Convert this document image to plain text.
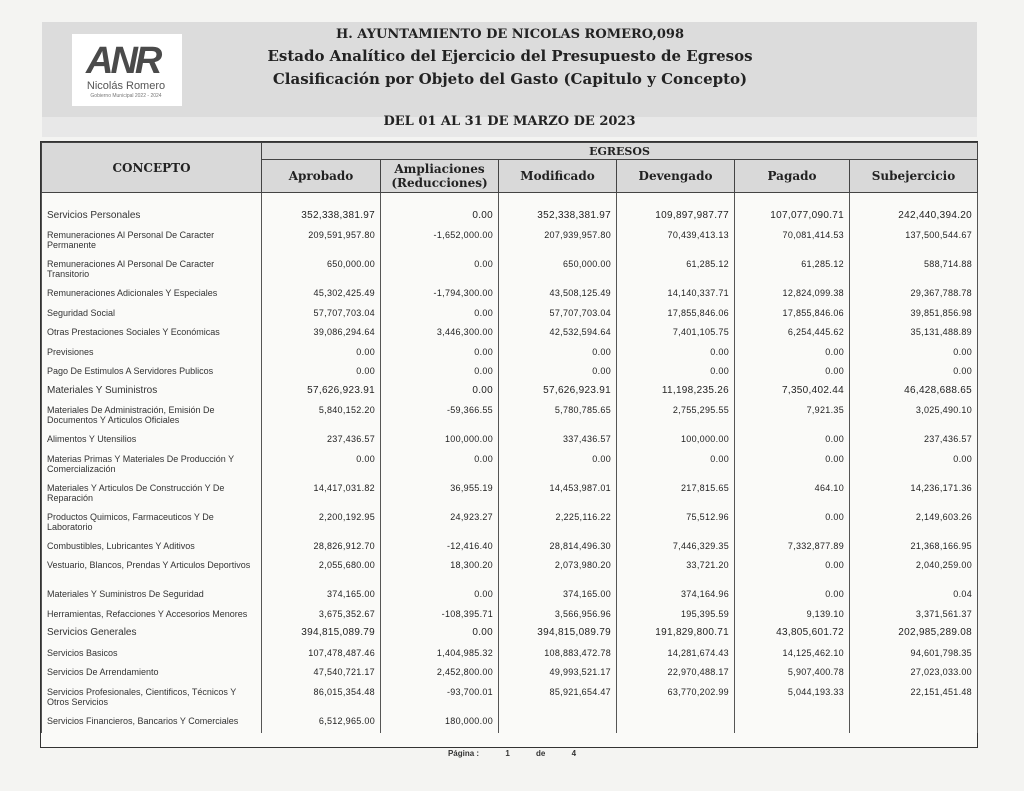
ANR
Nicolás Romero
Gobierno Municipal 2022 - 2024
H. AYUNTAMIENTO DE NICOLAS ROMERO,098
Estado Analítico del Ejercicio del Presupuesto de Egresos
Clasificación por Objeto del Gasto (Capitulo y Concepto)
DEL 01 AL 31 DE MARZO DE 2023
CONCEPTO	EGRESOS					
	Aprobado	Ampliaciones (Reducciones)	Modificado	Devengado	Pagado	Subejercicio

Servicios Personales	352,338,381.97	0.00	352,338,381.97	109,897,987.77	107,077,090.71	242,440,394.20
Remuneraciones Al Personal De Caracter Permanente	209,591,957.80	-1,652,000.00	207,939,957.80	70,439,413.13	70,081,414.53	137,500,544.67
Remuneraciones Al Personal De Caracter Transitorio	650,000.00	0.00	650,000.00	61,285.12	61,285.12	588,714.88
Remuneraciones Adicionales Y Especiales	45,302,425.49	-1,794,300.00	43,508,125.49	14,140,337.71	12,824,099.38	29,367,788.78
Seguridad Social	57,707,703.04	0.00	57,707,703.04	17,855,846.06	17,855,846.06	39,851,856.98
Otras Prestaciones Sociales Y Económicas	39,086,294.64	3,446,300.00	42,532,594.64	7,401,105.75	6,254,445.62	35,131,488.89
Previsiones	0.00	0.00	0.00	0.00	0.00	0.00
Pago De Estimulos A Servidores Publicos	0.00	0.00	0.00	0.00	0.00	0.00
Materiales Y Suministros	57,626,923.91	0.00	57,626,923.91	11,198,235.26	7,350,402.44	46,428,688.65
Materiales De Administración, Emisión De Documentos Y Articulos Oficiales	5,840,152.20	-59,366.55	5,780,785.65	2,755,295.55	7,921.35	3,025,490.10
Alimentos Y Utensilios	237,436.57	100,000.00	337,436.57	100,000.00	0.00	237,436.57
Materias Primas Y Materiales De Producción Y Comercialización	0.00	0.00	0.00	0.00	0.00	0.00
Materiales Y Articulos De Construcción Y De Reparación	14,417,031.82	36,955.19	14,453,987.01	217,815.65	464.10	14,236,171.36
Productos Quimicos, Farmaceuticos Y De Laboratorio	2,200,192.95	24,923.27	2,225,116.22	75,512.96	0.00	2,149,603.26
Combustibles, Lubricantes Y Aditivos	28,826,912.70	-12,416.40	28,814,496.30	7,446,329.35	7,332,877.89	21,368,166.95
Vestuario, Blancos, Prendas Y Articulos Deportivos	2,055,680.00	18,300.20	2,073,980.20	33,721.20	0.00	2,040,259.00
Materiales Y Suministros De Seguridad	374,165.00	0.00	374,165.00	374,164.96	0.00	0.04
Herramientas, Refacciones Y Accesorios Menores	3,675,352.67	-108,395.71	3,566,956.96	195,395.59	9,139.10	3,371,561.37
Servicios Generales	394,815,089.79	0.00	394,815,089.79	191,829,800.71	43,805,601.72	202,985,289.08
Servicios Basicos	107,478,487.46	1,404,985.32	108,883,472.78	14,281,674.43	14,125,462.10	94,601,798.35
Servicios De Arrendamiento	47,540,721.17	2,452,800.00	49,993,521.17	22,970,488.17	5,907,400.78	27,023,033.00
Servicios Profesionales, Cientificos, Técnicos Y Otros Servicios	86,015,354.48	-93,700.01	85,921,654.47	63,770,202.99	5,044,193.33	22,151,451.48
Servicios Financieros, Bancarios Y Comerciales	6,512,965.00	180,000.00				
Página :	1	de	4
